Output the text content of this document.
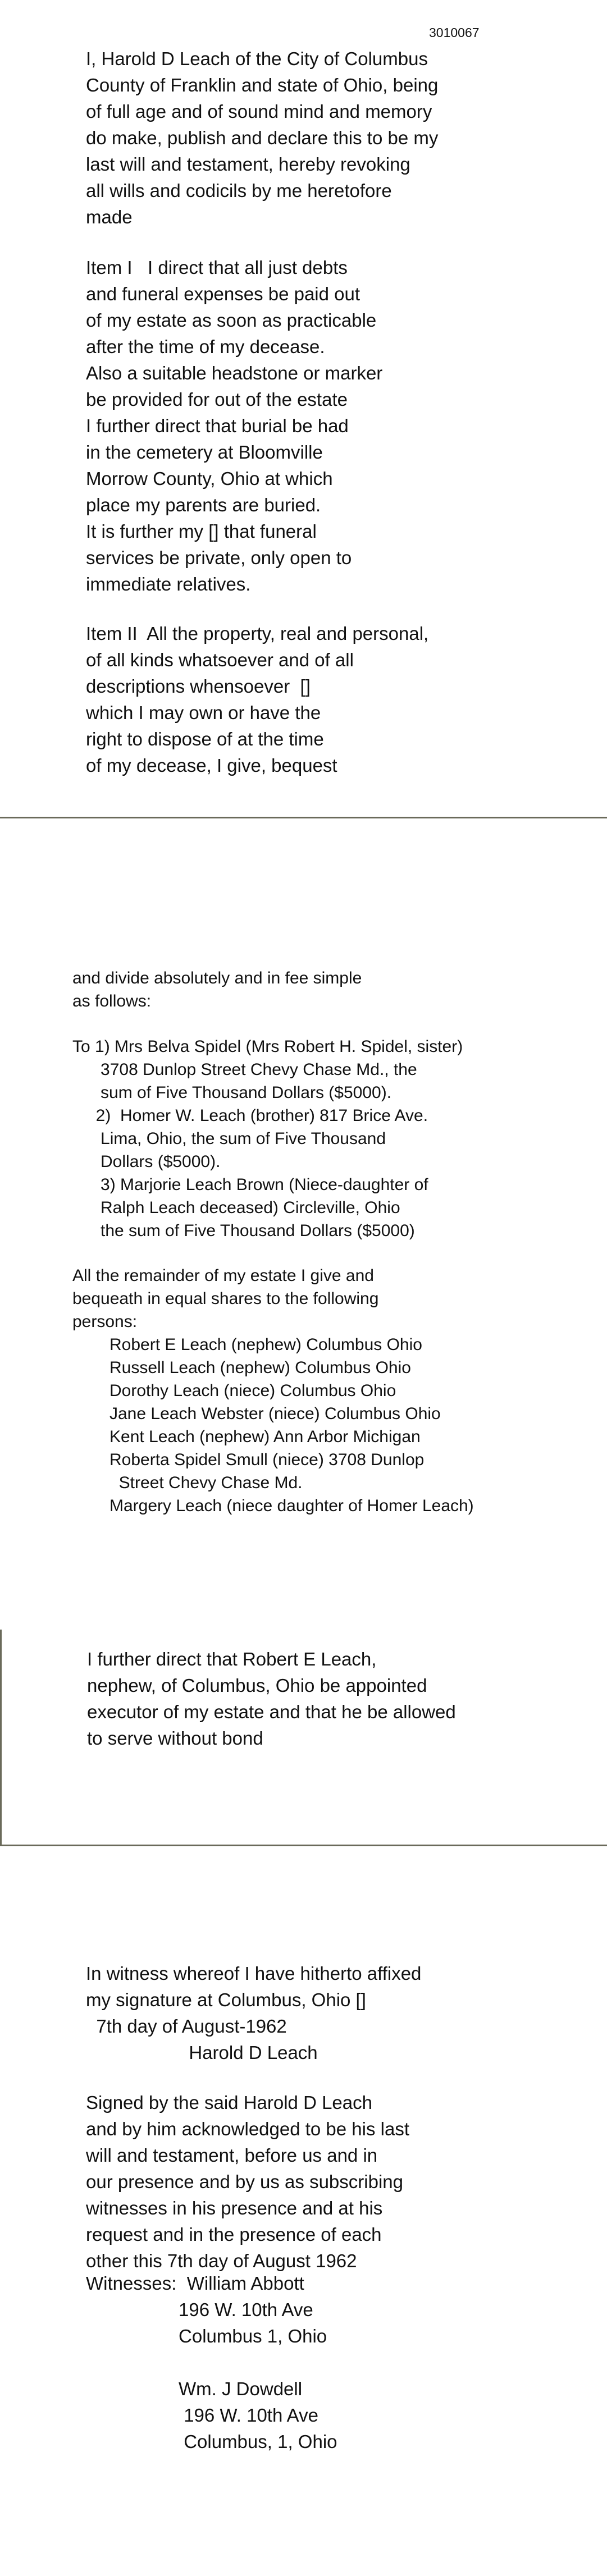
3010067
I, Harold D Leach of the City of Columbus
County of Franklin and state of Ohio, being
of full age and of sound mind and memory
do make, publish and declare this to be my
last will and testament, hereby revoking
all wills and codicils by me heretofore
made
Item I   I direct that all just debts
and funeral expenses be paid out
of my estate as soon as practicable
after the time of my decease.
Also a suitable headstone or marker
be provided for out of the estate
I further direct that burial be had
in the cemetery at Bloomville
Morrow County, Ohio at which
place my parents are buried.
It is further my [] that funeral
services be private, only open to
immediate relatives.
Item II  All the property, real and personal,
of all kinds whatsoever and of all
descriptions whensoever  []
which I may own or have the
right to dispose of at the time
of my decease, I give, bequest
and divide absolutely and in fee simple
as follows:
To 1) Mrs Belva Spidel (Mrs Robert H. Spidel, sister)
3708 Dunlop Street Chevy Chase Md., the
sum of Five Thousand Dollars ($5000).
2)  Homer W. Leach (brother) 817 Brice Ave.
Lima, Ohio, the sum of Five Thousand
Dollars ($5000).
3) Marjorie Leach Brown (Niece-daughter of
Ralph Leach deceased) Circleville, Ohio
the sum of Five Thousand Dollars ($5000)
All the remainder of my estate I give and
bequeath in equal shares to the following
persons:
Robert E Leach (nephew) Columbus Ohio
Russell Leach (nephew) Columbus Ohio
Dorothy Leach (niece) Columbus Ohio
Jane Leach Webster (niece) Columbus Ohio
Kent Leach (nephew) Ann Arbor Michigan
Roberta Spidel Smull (niece) 3708 Dunlop
Street Chevy Chase Md.
Margery Leach (niece daughter of Homer Leach)
I further direct that Robert E Leach,
nephew, of Columbus, Ohio be appointed
executor of my estate and that he be allowed
to serve without bond
In witness whereof I have hitherto affixed
my signature at Columbus, Ohio []
7th day of August-1962
Harold D Leach
Signed by the said Harold D Leach
and by him acknowledged to be his last
will and testament, before us and in
our presence and by us as subscribing
witnesses in his presence and at his
request and in the presence of each
other this 7th day of August 1962
Witnesses:  William Abbott
196 W. 10th Ave
Columbus 1, Ohio
Wm. J Dowdell
196 W. 10th Ave
Columbus, 1, Ohio
